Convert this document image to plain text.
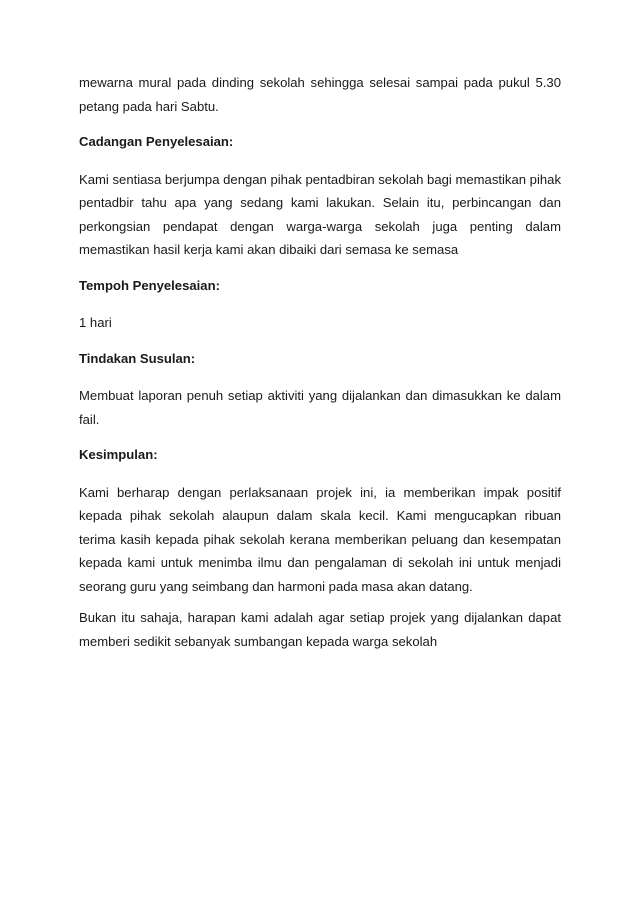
mewarna mural pada dinding sekolah sehingga selesai sampai pada pukul 5.30 petang pada hari Sabtu.

Cadangan Penyelesaian:

Kami sentiasa berjumpa dengan pihak pentadbiran sekolah bagi memastikan pihak pentadbir tahu apa yang sedang kami lakukan. Selain itu, perbincangan dan perkongsian pendapat dengan warga-warga sekolah juga penting dalam memastikan hasil kerja kami akan dibaiki dari semasa ke semasa

Tempoh Penyelesaian:

1 hari

Tindakan Susulan:

Membuat laporan penuh setiap aktiviti yang dijalankan dan dimasukkan ke dalam fail.

Kesimpulan:

Kami berharap dengan perlaksanaan projek ini, ia memberikan impak positif kepada pihak sekolah alaupun dalam skala kecil. Kami mengucapkan ribuan terima kasih kepada pihak sekolah kerana memberikan peluang dan kesempatan kepada kami untuk menimba ilmu dan pengalaman di sekolah ini untuk menjadi seorang guru yang seimbang dan harmoni pada masa akan datang.

Bukan itu sahaja, harapan kami adalah agar setiap projek yang dijalankan dapat memberi sedikit sebanyak sumbangan kepada warga sekolah
